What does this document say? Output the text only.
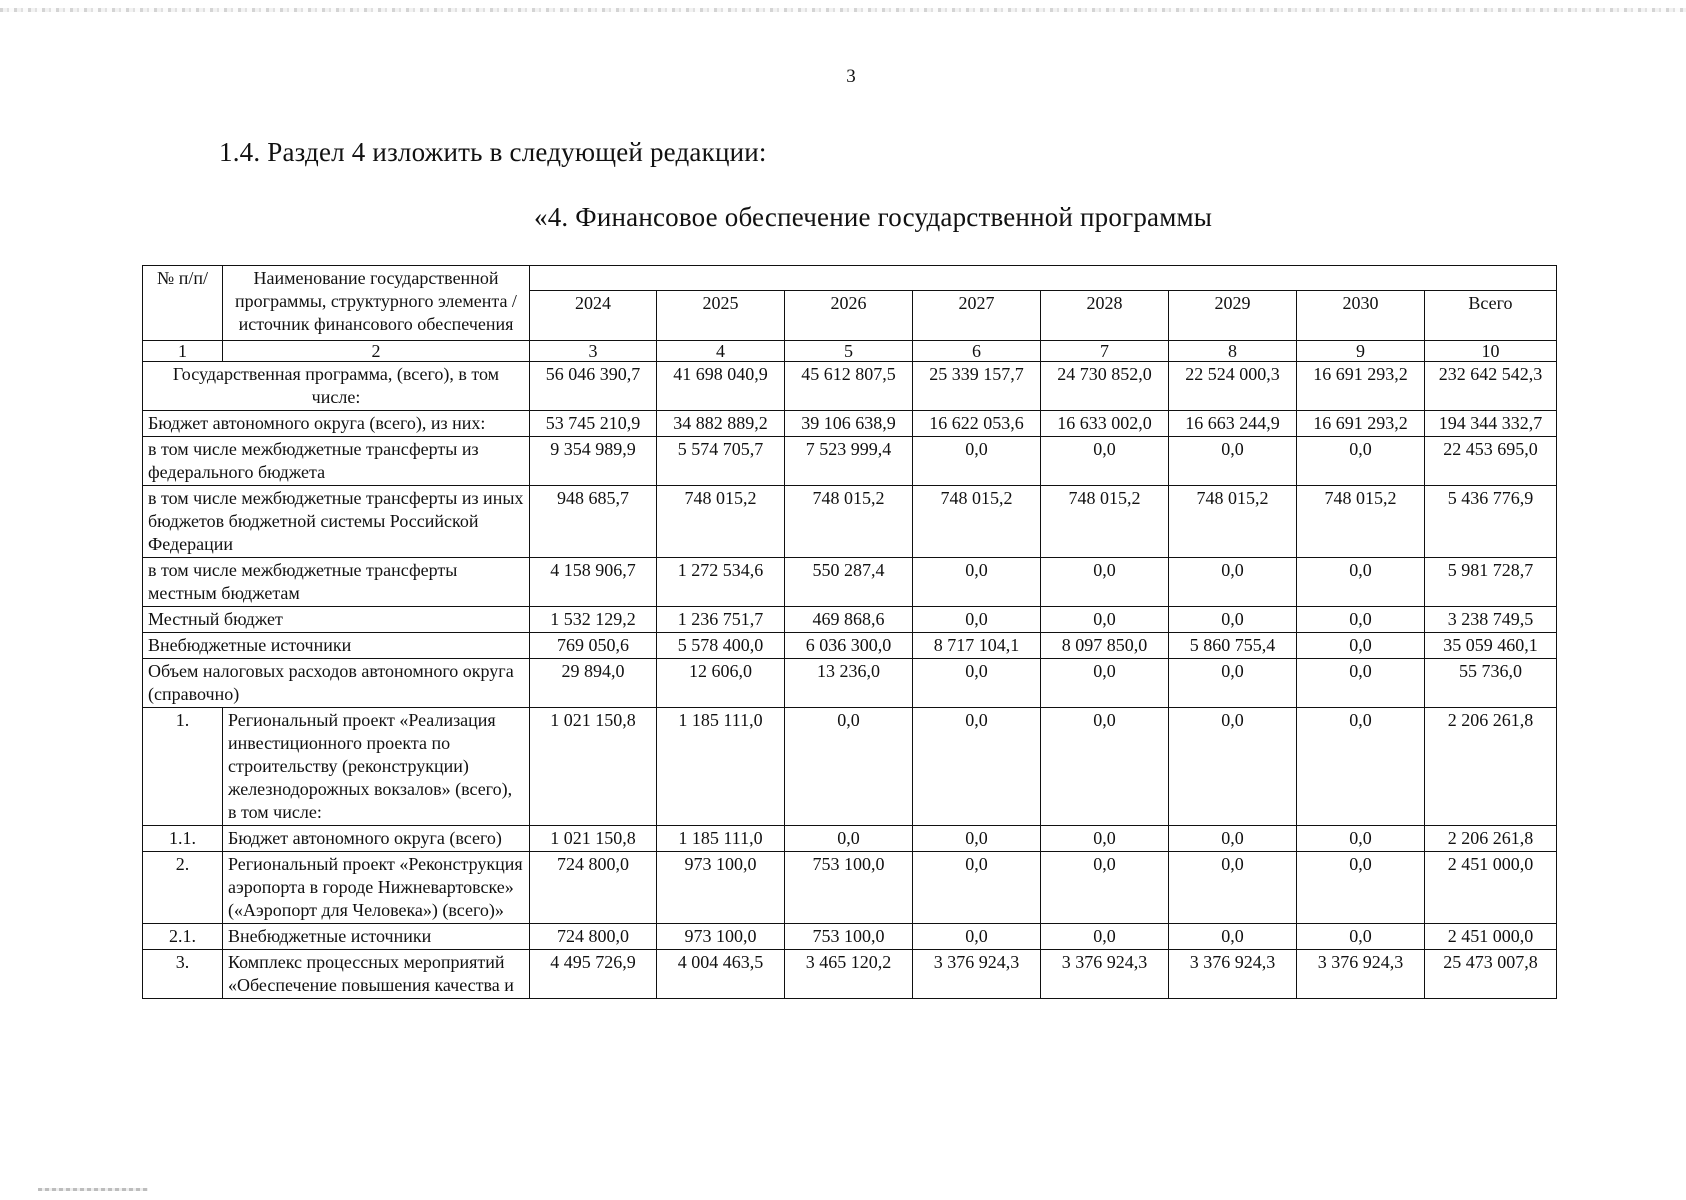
3
1.4. Раздел 4 изложить в следующей редакции:
«4. Финансовое обеспечение государственной программы
№ п/п/	Наименование государственной программы, структурного элемента / источник финансового обеспечения								
		2024	2025	2026	2027	2028	2029	2030	Всего
1	2	3	4	5	6	7	8	9	10
Государственная программа, (всего), в том числе:		56 046 390,7	41 698 040,9	45 612 807,5	25 339 157,7	24 730 852,0	22 524 000,3	16 691 293,2	232 642 542,3
Бюджет автономного округа (всего), из них:		53 745 210,9	34 882 889,2	39 106 638,9	16 622 053,6	16 633 002,0	16 663 244,9	16 691 293,2	194 344 332,7
в том числе межбюджетные трансферты из федерального бюджета		9 354 989,9	5 574 705,7	7 523 999,4	0,0	0,0	0,0	0,0	22 453 695,0
в том числе межбюджетные трансферты из иных бюджетов бюджетной системы Российской Федерации		948 685,7	748 015,2	748 015,2	748 015,2	748 015,2	748 015,2	748 015,2	5 436 776,9
в том числе межбюджетные трансферты местным бюджетам		4 158 906,7	1 272 534,6	550 287,4	0,0	0,0	0,0	0,0	5 981 728,7
Местный бюджет		1 532 129,2	1 236 751,7	469 868,6	0,0	0,0	0,0	0,0	3 238 749,5
Внебюджетные источники		769 050,6	5 578 400,0	6 036 300,0	8 717 104,1	8 097 850,0	5 860 755,4	0,0	35 059 460,1
Объем налоговых расходов автономного округа (справочно)		29 894,0	12 606,0	13 236,0	0,0	0,0	0,0	0,0	55 736,0
1.	Региональный проект «Реализация инвестиционного проекта по строительству (реконструкции) железнодорожных вокзалов» (всего), в том числе:	1 021 150,8	1 185 111,0	0,0	0,0	0,0	0,0	0,0	2 206 261,8
1.1.	Бюджет автономного округа (всего)	1 021 150,8	1 185 111,0	0,0	0,0	0,0	0,0	0,0	2 206 261,8
2.	Региональный проект «Реконструкция аэропорта в городе Нижневартовске» («Аэропорт для Человека») (всего)»	724 800,0	973 100,0	753 100,0	0,0	0,0	0,0	0,0	2 451 000,0
2.1.	Внебюджетные источники	724 800,0	973 100,0	753 100,0	0,0	0,0	0,0	0,0	2 451 000,0
3.	Комплекс процессных мероприятий «Обеспечение повышения качества и	4 495 726,9	4 004 463,5	3 465 120,2	3 376 924,3	3 376 924,3	3 376 924,3	3 376 924,3	25 473 007,8
